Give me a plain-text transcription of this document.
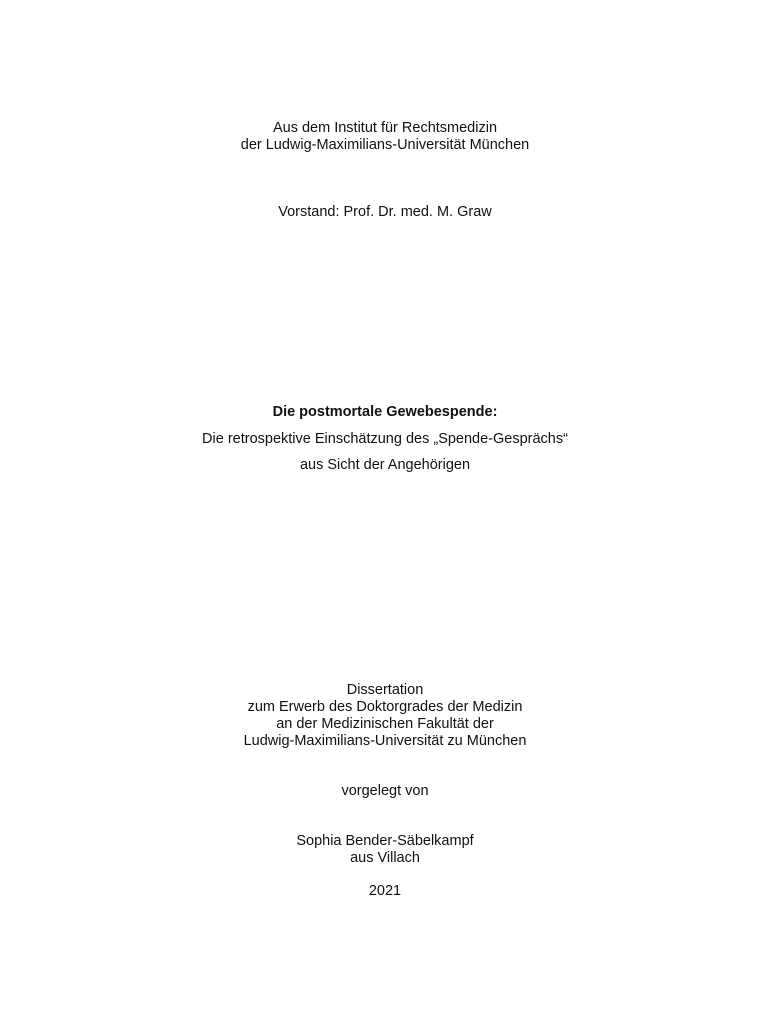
Aus dem Institut für Rechtsmedizin

der Ludwig-Maximilians-Universität München

Vorstand: Prof. Dr. med. M. Graw

Die postmortale Gewebespende:

Die retrospektive Einschätzung des „Spende-Gesprächs“

aus Sicht der Angehörigen

Dissertation

zum Erwerb des Doktorgrades der Medizin

an der Medizinischen Fakultät der

Ludwig-Maximilians-Universität zu München

vorgelegt von

Sophia Bender-Säbelkampf

aus Villach

2021
